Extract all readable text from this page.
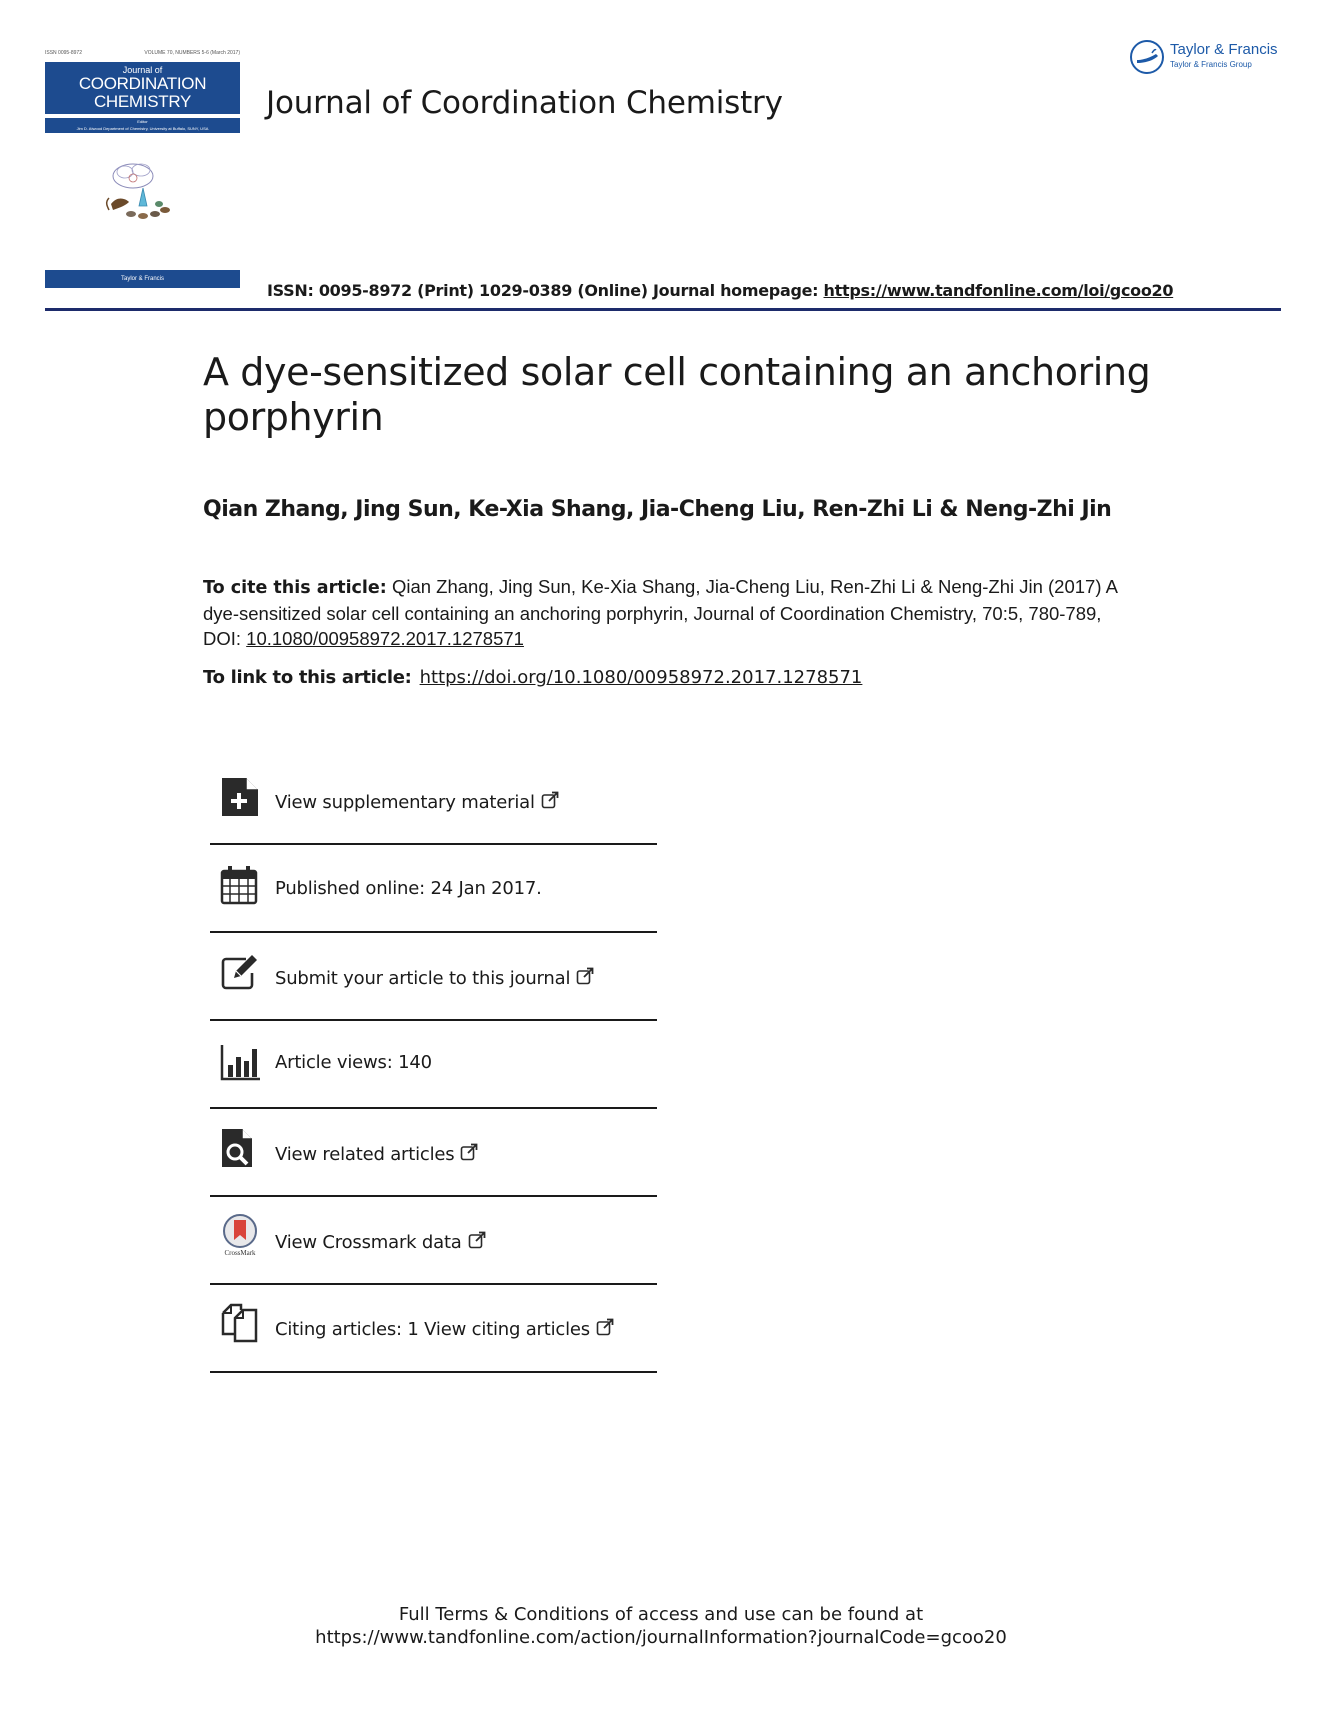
ISSN 0095-8972	VOLUME 70, NUMBERS 5-6 (March 2017)
Journal of
COORDINATION
CHEMISTRY
Editor
Jim D. Atwood Department of Chemistry, University at Buffalo, SUNY, USA
Taylor & Francis
Journal of Coordination Chemistry
Taylor & Francis
Taylor & Francis Group
ISSN: 0095-8972 (Print) 1029-0389 (Online) Journal homepage: https://www.tandfonline.com/loi/gcoo20
A dye-sensitized solar cell containing an anchoring porphyrin
Qian Zhang, Jing Sun, Ke-Xia Shang, Jia-Cheng Liu, Ren-Zhi Li & Neng-Zhi Jin
To cite this article: Qian Zhang, Jing Sun, Ke-Xia Shang, Jia-Cheng Liu, Ren-Zhi Li & Neng-Zhi Jin (2017) A dye-sensitized solar cell containing an anchoring porphyrin, Journal of Coordination Chemistry, 70:5, 780-789, DOI: 10.1080/00958972.2017.1278571
To link to this article: https://doi.org/10.1080/00958972.2017.1278571
View supplementary material
Published online: 24 Jan 2017.
Submit your article to this journal
Article views: 140
View related articles
CrossMark View Crossmark data
Citing articles: 1 View citing articles
Full Terms & Conditions of access and use can be found at
https://www.tandfonline.com/action/journalInformation?journalCode=gcoo20
